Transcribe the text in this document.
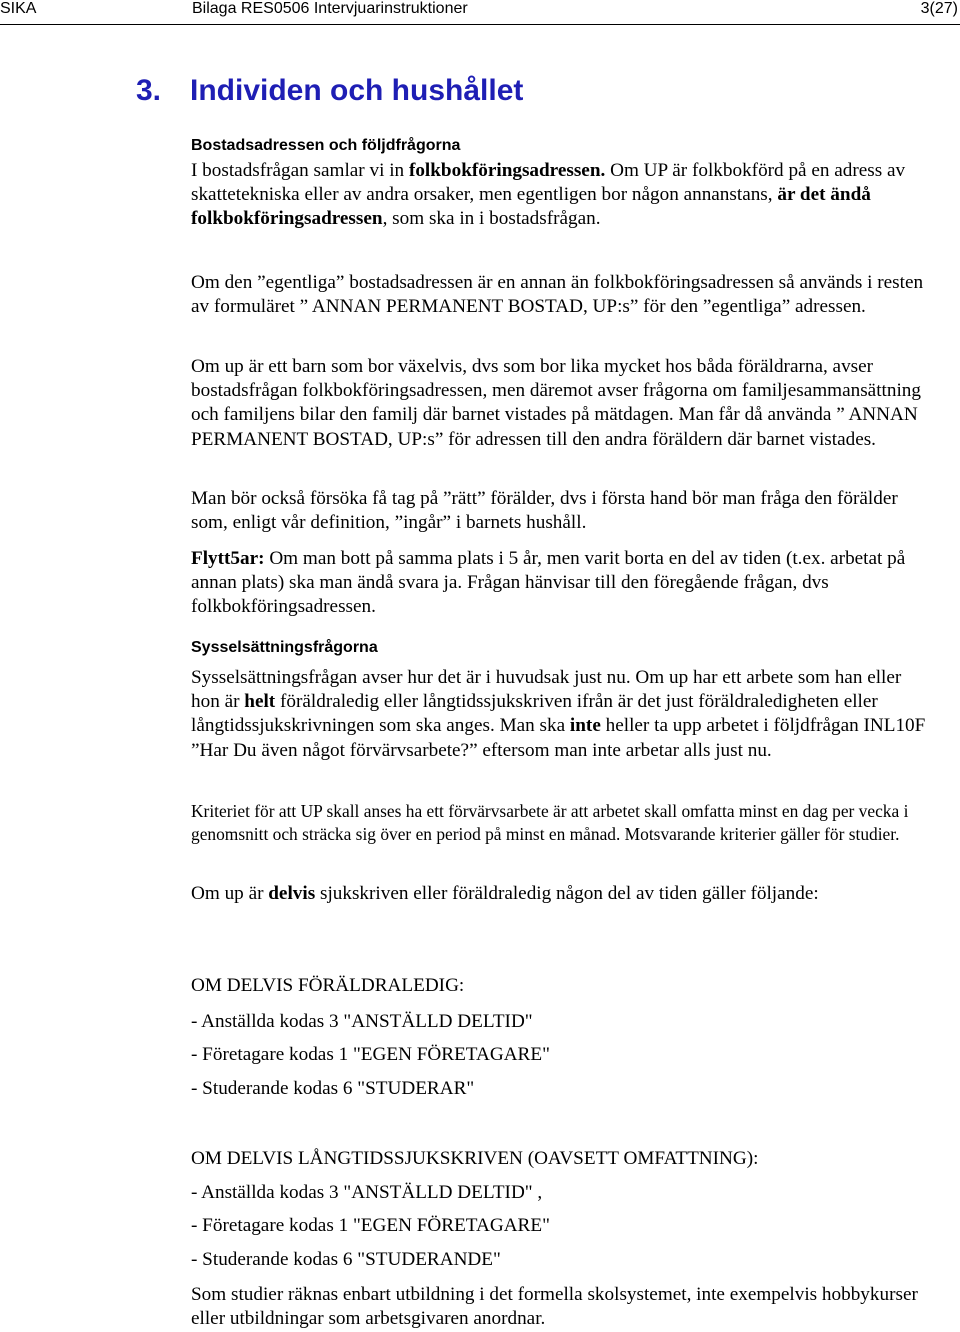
SIKA	Bilaga RES0506 Intervjuarinstruktioner	3(27)
3. Individen och hushållet
Bostadsadressen och följdfrågorna

I bostadsfrågan samlar vi in folkbokföringsadressen. Om UP är folkbokförd på en adress av skattetekniska eller av andra orsaker, men egentligen bor någon annanstans, är det ändå folkbokföringsadressen, som ska in i bostadsfrågan.

Om den ”egentliga” bostadsadressen är en annan än folkbokföringsadressen så används i resten av formuläret ” ANNAN PERMANENT BOSTAD, UP:s” för den ”egentliga” adressen.

Om up är ett barn som bor växelvis, dvs som bor lika mycket hos båda föräldrarna, avser bostadsfrågan folkbokföringsadressen, men däremot avser frågorna om familjesammansättning och familjens bilar den familj där barnet vistades på mätdagen. Man får då använda ” ANNAN PERMANENT BOSTAD, UP:s” för adressen till den andra föräldern där barnet vistades.

Man bör också försöka få tag på ”rätt” förälder, dvs i första hand bör man fråga den förälder som, enligt vår definition, ”ingår” i barnets hushåll.

Flytt5ar: Om man bott på samma plats i 5 år, men varit borta en del av tiden (t.ex. arbetat på annan plats) ska man ändå svara ja. Frågan hänvisar till den föregående frågan, dvs folkbokföringsadressen.

Sysselsättningsfrågorna

Sysselsättningsfrågan avser hur det är i huvudsak just nu. Om up har ett arbete som han eller hon är helt föräldraledig eller långtidssjukskriven ifrån är det just föräldraledigheten eller långtidssjukskrivningen som ska anges. Man ska inte heller ta upp arbetet i följdfrågan INL10F ”Har Du även något förvärvsarbete?” eftersom man inte arbetar alls just nu.

Kriteriet för att UP skall anses ha ett förvärvsarbete är att arbetet skall omfatta minst en dag per vecka i genomsnitt och sträcka sig över en period på minst en månad. Motsvarande kriterier gäller för studier.

Om up är delvis sjukskriven eller föräldraledig någon del av tiden gäller följande:

OM DELVIS FÖRÄLDRALEDIG:

- Anställda kodas 3 "ANSTÄLLD DELTID"

- Företagare kodas 1 "EGEN FÖRETAGARE"

- Studerande kodas 6 "STUDERAR"

OM DELVIS LÅNGTIDSSJUKSKRIVEN (OAVSETT OMFATTNING):

- Anställda kodas 3 "ANSTÄLLD DELTID" ,

- Företagare kodas 1 "EGEN FÖRETAGARE"

- Studerande kodas 6 "STUDERANDE"

Som studier räknas enbart utbildning i det formella skolsystemet, inte exempelvis hobbykurser eller utbildningar som arbetsgivaren anordnar.
